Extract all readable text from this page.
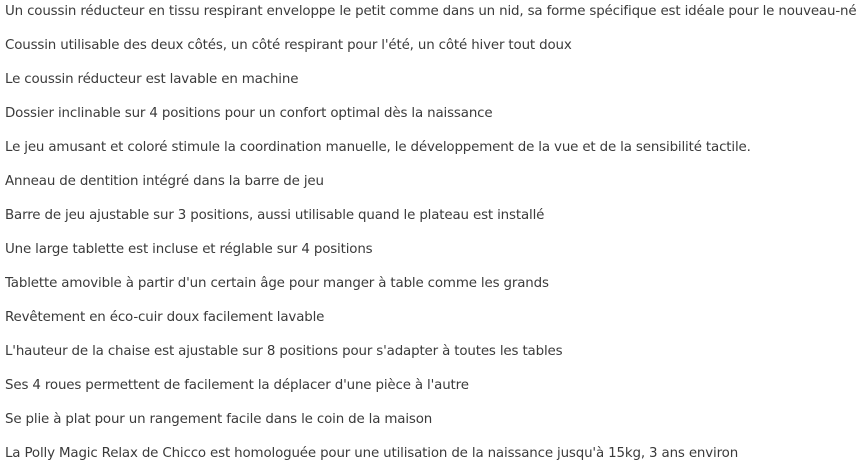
Un coussin réducteur en tissu respirant enveloppe le petit comme dans un nid, sa forme spécifique est idéale pour le nouveau-né
Coussin utilisable des deux côtés, un côté respirant pour l'été, un côté hiver tout doux
Le coussin réducteur est lavable en machine
Dossier inclinable sur 4 positions pour un confort optimal dès la naissance
Le jeu amusant et coloré stimule la coordination manuelle, le développement de la vue et de la sensibilité tactile.
Anneau de dentition intégré dans la barre de jeu
Barre de jeu ajustable sur 3 positions, aussi utilisable quand le plateau est installé
Une large tablette est incluse et réglable sur 4 positions
Tablette amovible à partir d'un certain âge pour manger à table comme les grands
Revêtement en éco-cuir doux facilement lavable
L'hauteur de la chaise est ajustable sur 8 positions pour s'adapter à toutes les tables
Ses 4 roues permettent de facilement la déplacer d'une pièce à l'autre
Se plie à plat pour un rangement facile dans le coin de la maison
La Polly Magic Relax de Chicco est homologuée pour une utilisation de la naissance jusqu'à 15kg, 3 ans environ
